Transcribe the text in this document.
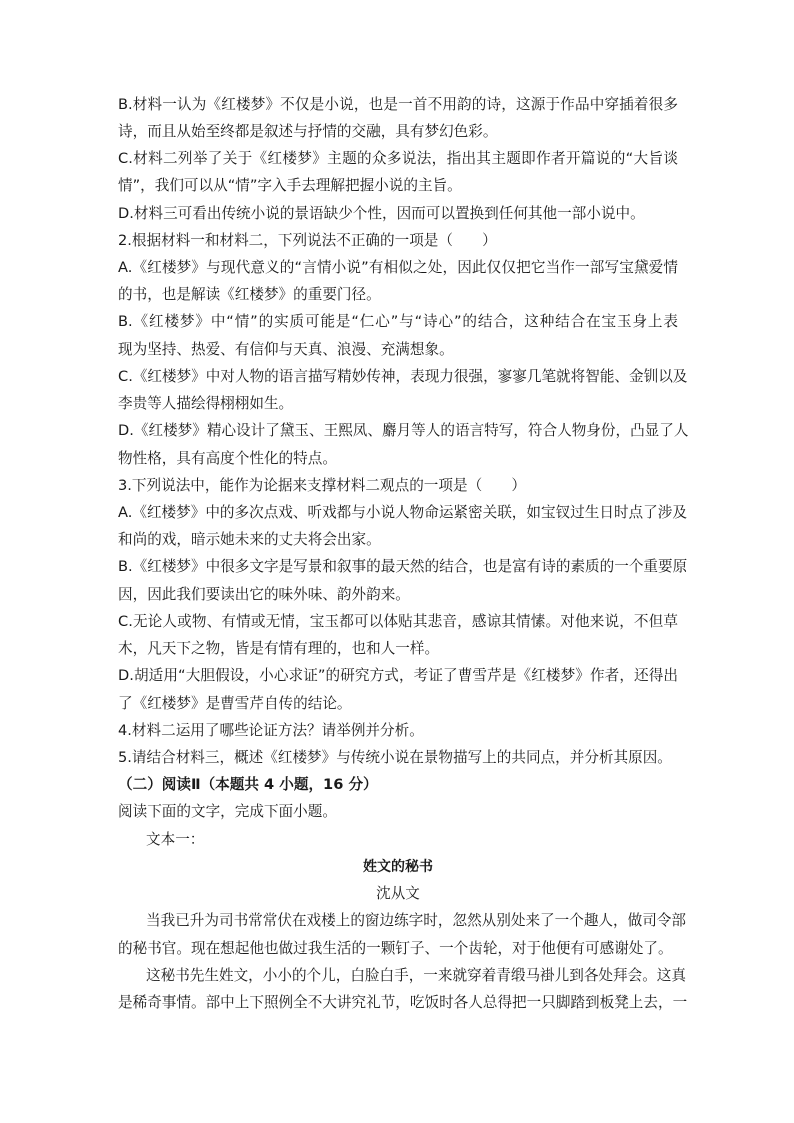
B.材料一认为《红楼梦》不仅是小说，也是一首不用韵的诗，这源于作品中穿插着很多
诗，而且从始至终都是叙述与抒情的交融，具有梦幻色彩。
C.材料二列举了关于《红楼梦》主题的众多说法，指出其主题即作者开篇说的“大旨谈
情”，我们可以从“情”字入手去理解把握小说的主旨。
D.材料三可看出传统小说的景语缺少个性，因而可以置换到任何其他一部小说中。
2.根据材料一和材料二，下列说法不正确的一项是（　　）
A.《红楼梦》与现代意义的“言情小说”有相似之处，因此仅仅把它当作一部写宝黛爱情
的书，也是解读《红楼梦》的重要门径。
B.《红楼梦》中“情”的实质可能是“仁心”与“诗心”的结合，这种结合在宝玉身上表
现为坚持、热爱、有信仰与天真、浪漫、充满想象。
C.《红楼梦》中对人物的语言描写精妙传神，表现力很强，寥寥几笔就将智能、金钏以及
李贵等人描绘得栩栩如生。
D.《红楼梦》精心设计了黛玉、王熙凤、麝月等人的语言特写，符合人物身份，凸显了人
物性格，具有高度个性化的特点。
3.下列说法中，能作为论据来支撑材料二观点的一项是（　　）
A.《红楼梦》中的多次点戏、听戏都与小说人物命运紧密关联，如宝钗过生日时点了涉及
和尚的戏，暗示她未来的丈夫将会出家。
B.《红楼梦》中很多文字是写景和叙事的最天然的结合，也是富有诗的素质的一个重要原
因，因此我们要读出它的味外味、韵外韵来。
C.无论人或物、有情或无情，宝玉都可以体贴其悲音，感谅其情愫。对他来说，不但草
木，凡天下之物，皆是有情有理的，也和人一样。
D.胡适用“大胆假设，小心求证”的研究方式，考证了曹雪芹是《红楼梦》作者，还得出
了《红楼梦》是曹雪芹自传的结论。
4.材料二运用了哪些论证方法？请举例并分析。
5.请结合材料三，概述《红楼梦》与传统小说在景物描写上的共同点，并分析其原因。
（二）阅读Ⅱ（本题共 4 小题，16 分）
阅读下面的文字，完成下面小题。
文本一：
姓文的秘书
沈从文
当我已升为司书常常伏在戏楼上的窗边练字时，忽然从别处来了一个趣人，做司令部
的秘书官。现在想起他也做过我生活的一颗钉子、一个齿轮，对于他便有可感谢处了。
这秘书先生姓文，小小的个儿，白脸白手，一来就穿着青缎马褂儿到各处拜会。这真
是稀奇事情。部中上下照例全不大讲究礼节，吃饭时各人总得把一只脚踏到板凳上去，一
